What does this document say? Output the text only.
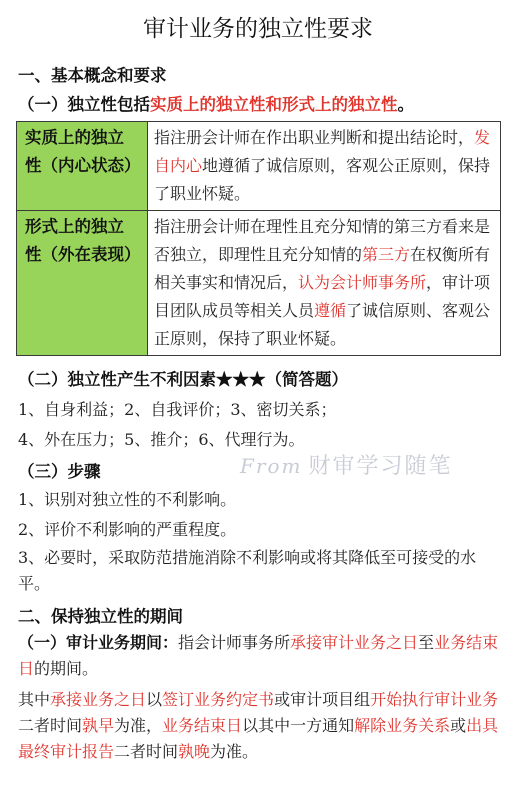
审计业务的独立性要求
一、基本概念和要求
（一）独立性包括实质上的独立性和形式上的独立性。
实质上的独立性（内心状态）	指注册会计师在作出职业判断和提出结论时，发自内心地遵循了诚信原则，客观公正原则，保持了职业怀疑。
形式上的独立性（外在表现）	指注册会计师在理性且充分知情的第三方看来是否独立，即理性且充分知情的第三方在权衡所有相关事实和情况后，认为会计师事务所，审计项目团队成员等相关人员遵循了诚信原则、客观公正原则，保持了职业怀疑。
（二）独立性产生不利因素★★★（简答题）
1、自身利益；2、自我评价；3、密切关系；
4、外在压力；5、推介；6、代理行为。
（三）步骤	From 财审学习随笔
1、识别对独立性的不利影响。
2、评价不利影响的严重程度。
3、必要时，采取防范措施消除不利影响或将其降低至可接受的水平。
二、保持独立性的期间
（一）审计业务期间：指会计师事务所承接审计业务之日至业务结束日的期间。
其中承接业务之日以签订业务约定书或审计项目组开始执行审计业务二者时间孰早为准，业务结束日以其中一方通知解除业务关系或出具最终审计报告二者时间孰晚为准。
